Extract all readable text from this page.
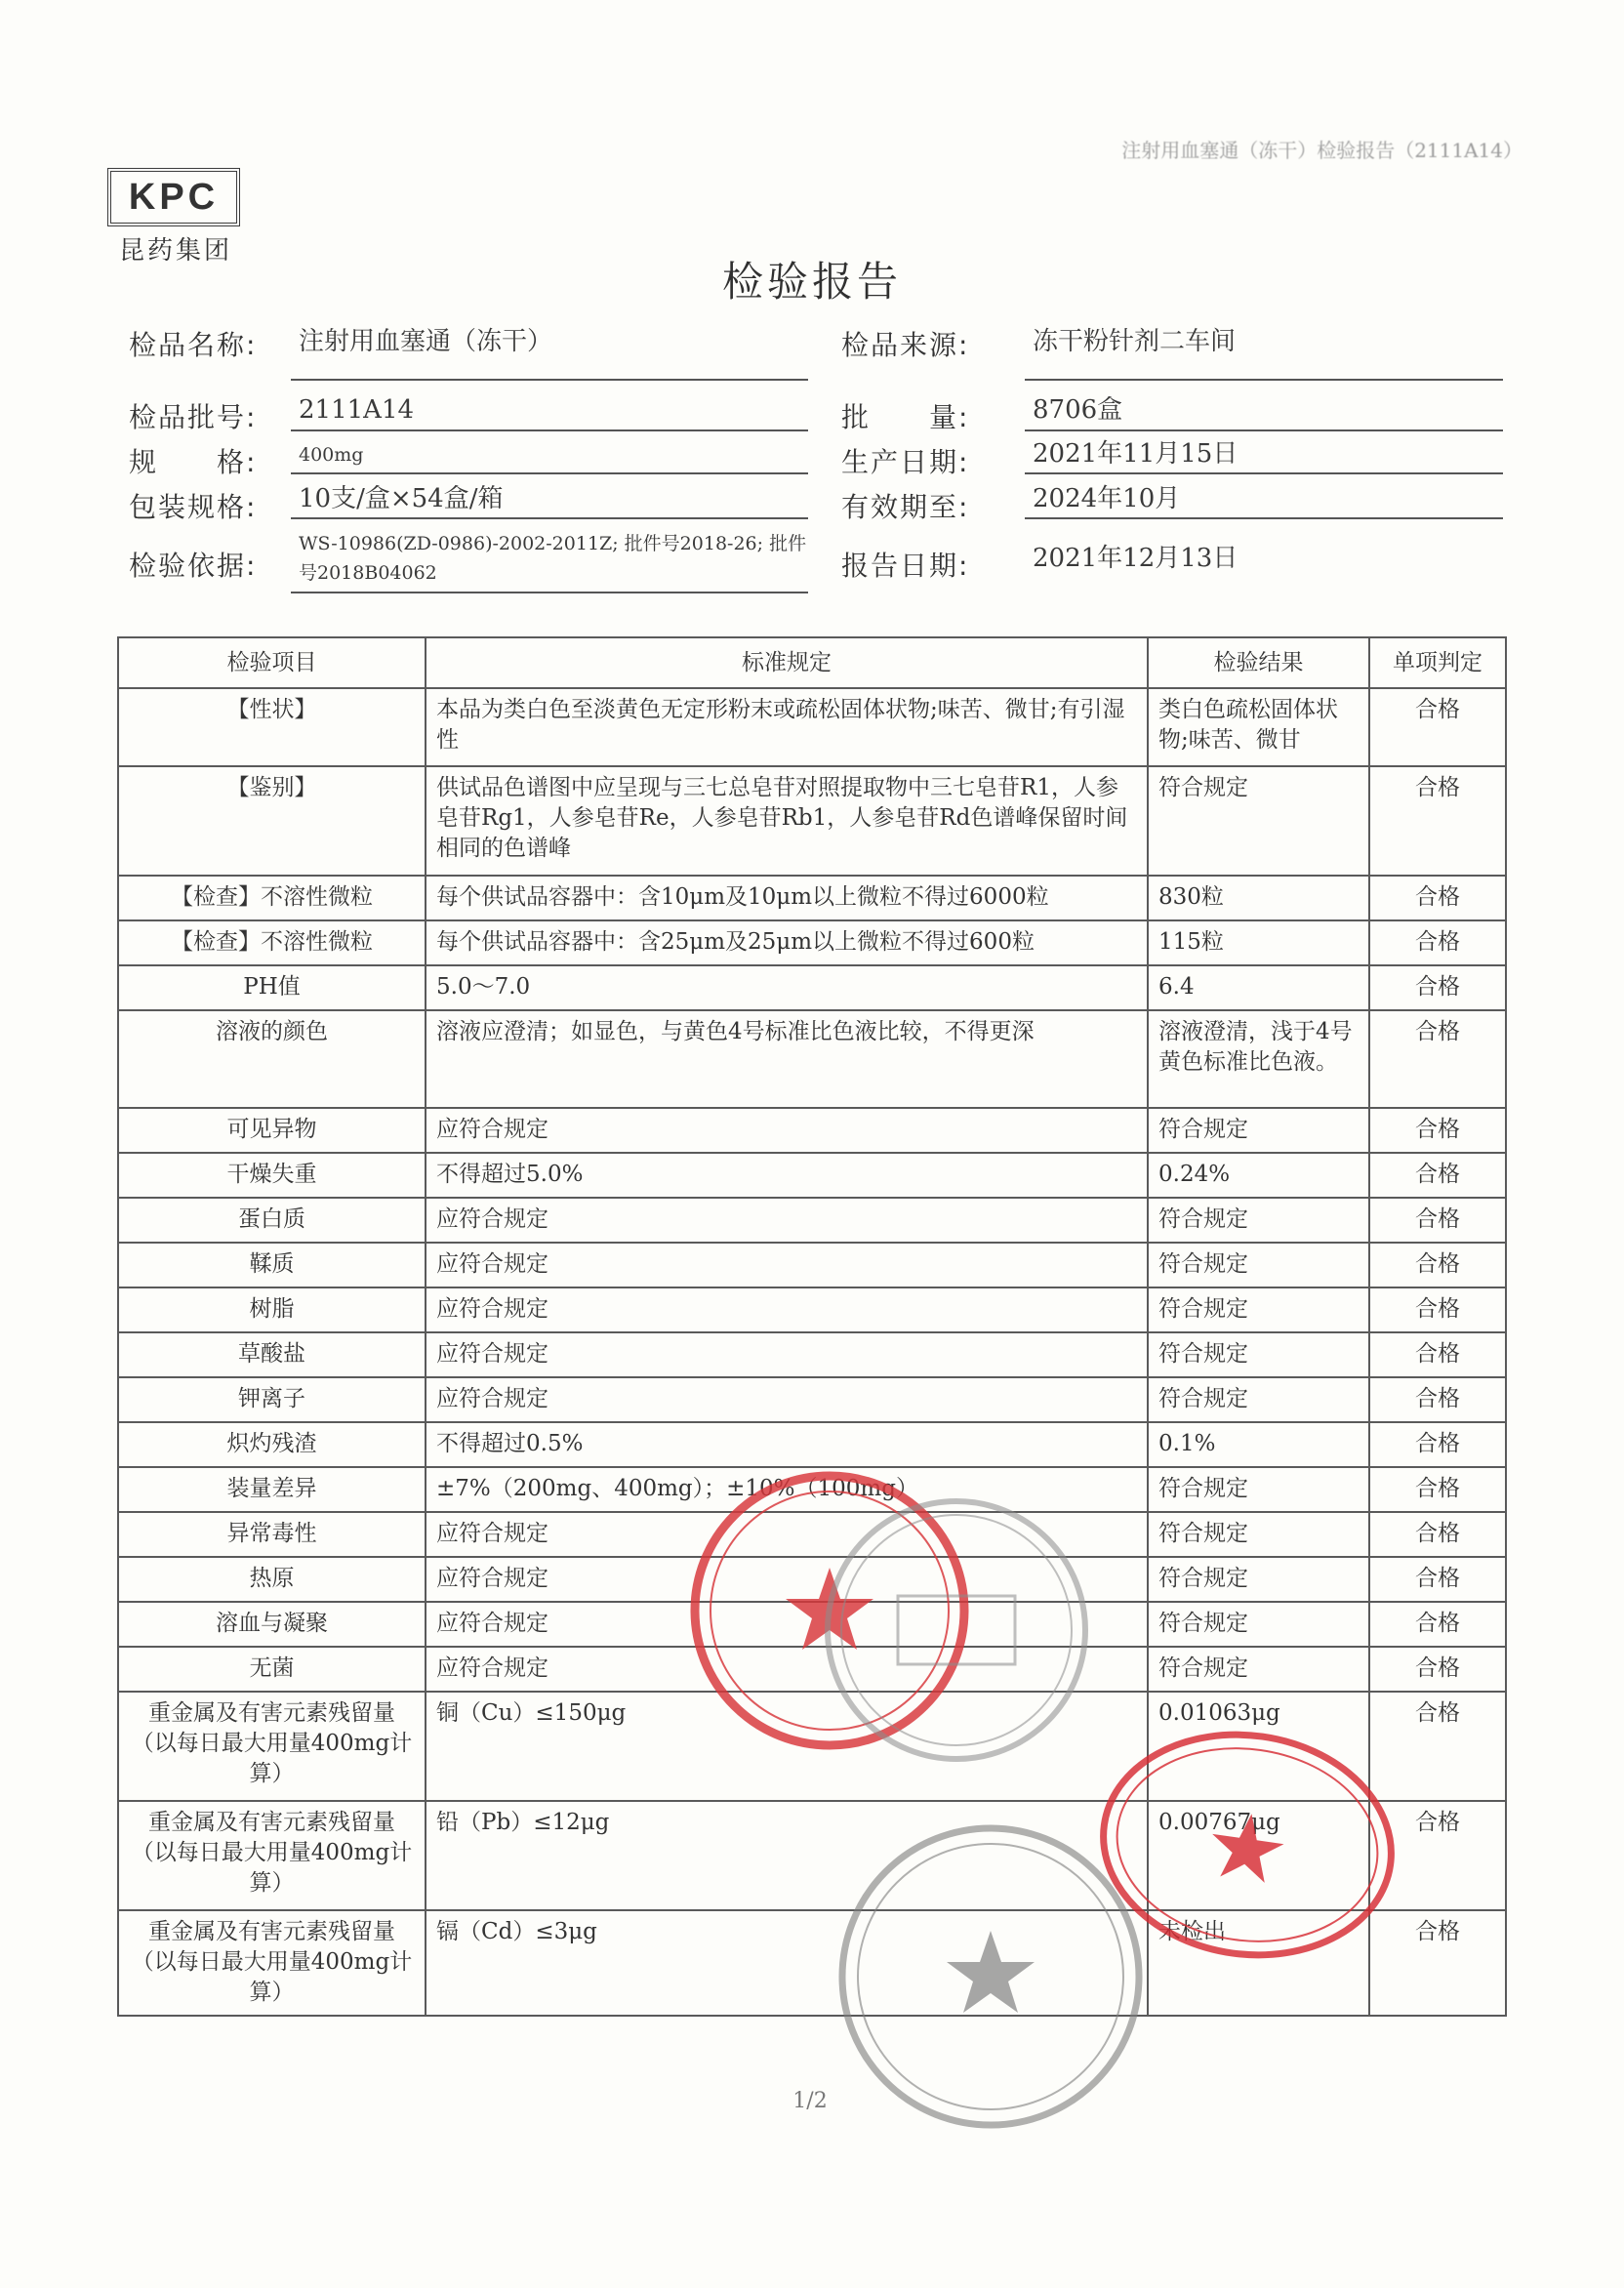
注射用血塞通（冻干）检验报告（2111A14）
KPC
昆药集团
检验报告
检品名称:	注射用血塞通（冻干）	检品来源:	冻干粉针剂二车间
检品批号:	2111A14	批　　量:	8706盒
规　　格:	400mg	生产日期:	2021年11月15日
包装规格:	10支/盒×54盒/箱	有效期至:	2024年10月
检验依据:
WS-10986(ZD-0986)-2002-2011Z; 批件号2018-26; 批件号2018B04062	报告日期:	2021年12月13日
检验项目	标准规定	检验结果	单项判定
【性状】	本品为类白色至淡黄色无定形粉末或疏松固体状物;味苦、微甘;有引湿性	类白色疏松固体状物;味苦、微甘	合格
【鉴别】	供试品色谱图中应呈现与三七总皂苷对照提取物中三七皂苷R1，人参皂苷Rg1，人参皂苷Re，人参皂苷Rb1，人参皂苷Rd色谱峰保留时间相同的色谱峰	符合规定	合格
【检查】不溶性微粒	每个供试品容器中：含10μm及10μm以上微粒不得过6000粒	830粒	合格
【检查】不溶性微粒	每个供试品容器中：含25μm及25μm以上微粒不得过600粒	115粒	合格
PH值	5.0～7.0	6.4	合格
溶液的颜色	溶液应澄清；如显色，与黄色4号标准比色液比较，不得更深	溶液澄清，浅于4号黄色标准比色液。	合格
可见异物	应符合规定	符合规定	合格
干燥失重	不得超过5.0%	0.24%	合格
蛋白质	应符合规定	符合规定	合格
鞣质	应符合规定	符合规定	合格
树脂	应符合规定	符合规定	合格
草酸盐	应符合规定	符合规定	合格
钾离子	应符合规定	符合规定	合格
炽灼残渣	不得超过0.5%	0.1%	合格
装量差异	±7%（200mg、400mg）；±10%（100mg）	符合规定	合格
异常毒性	应符合规定	符合规定	合格
热原	应符合规定	符合规定	合格
溶血与凝聚	应符合规定	符合规定	合格
无菌	应符合规定	符合规定	合格
重金属及有害元素残留量（以每日最大用量400mg计算）	铜（Cu）≤150μg	0.01063μg	合格
重金属及有害元素残留量（以每日最大用量400mg计算）	铅（Pb）≤12μg	0.00767μg	合格
重金属及有害元素残留量（以每日最大用量400mg计算）	镉（Cd）≤3μg	未检出	合格
1/2
